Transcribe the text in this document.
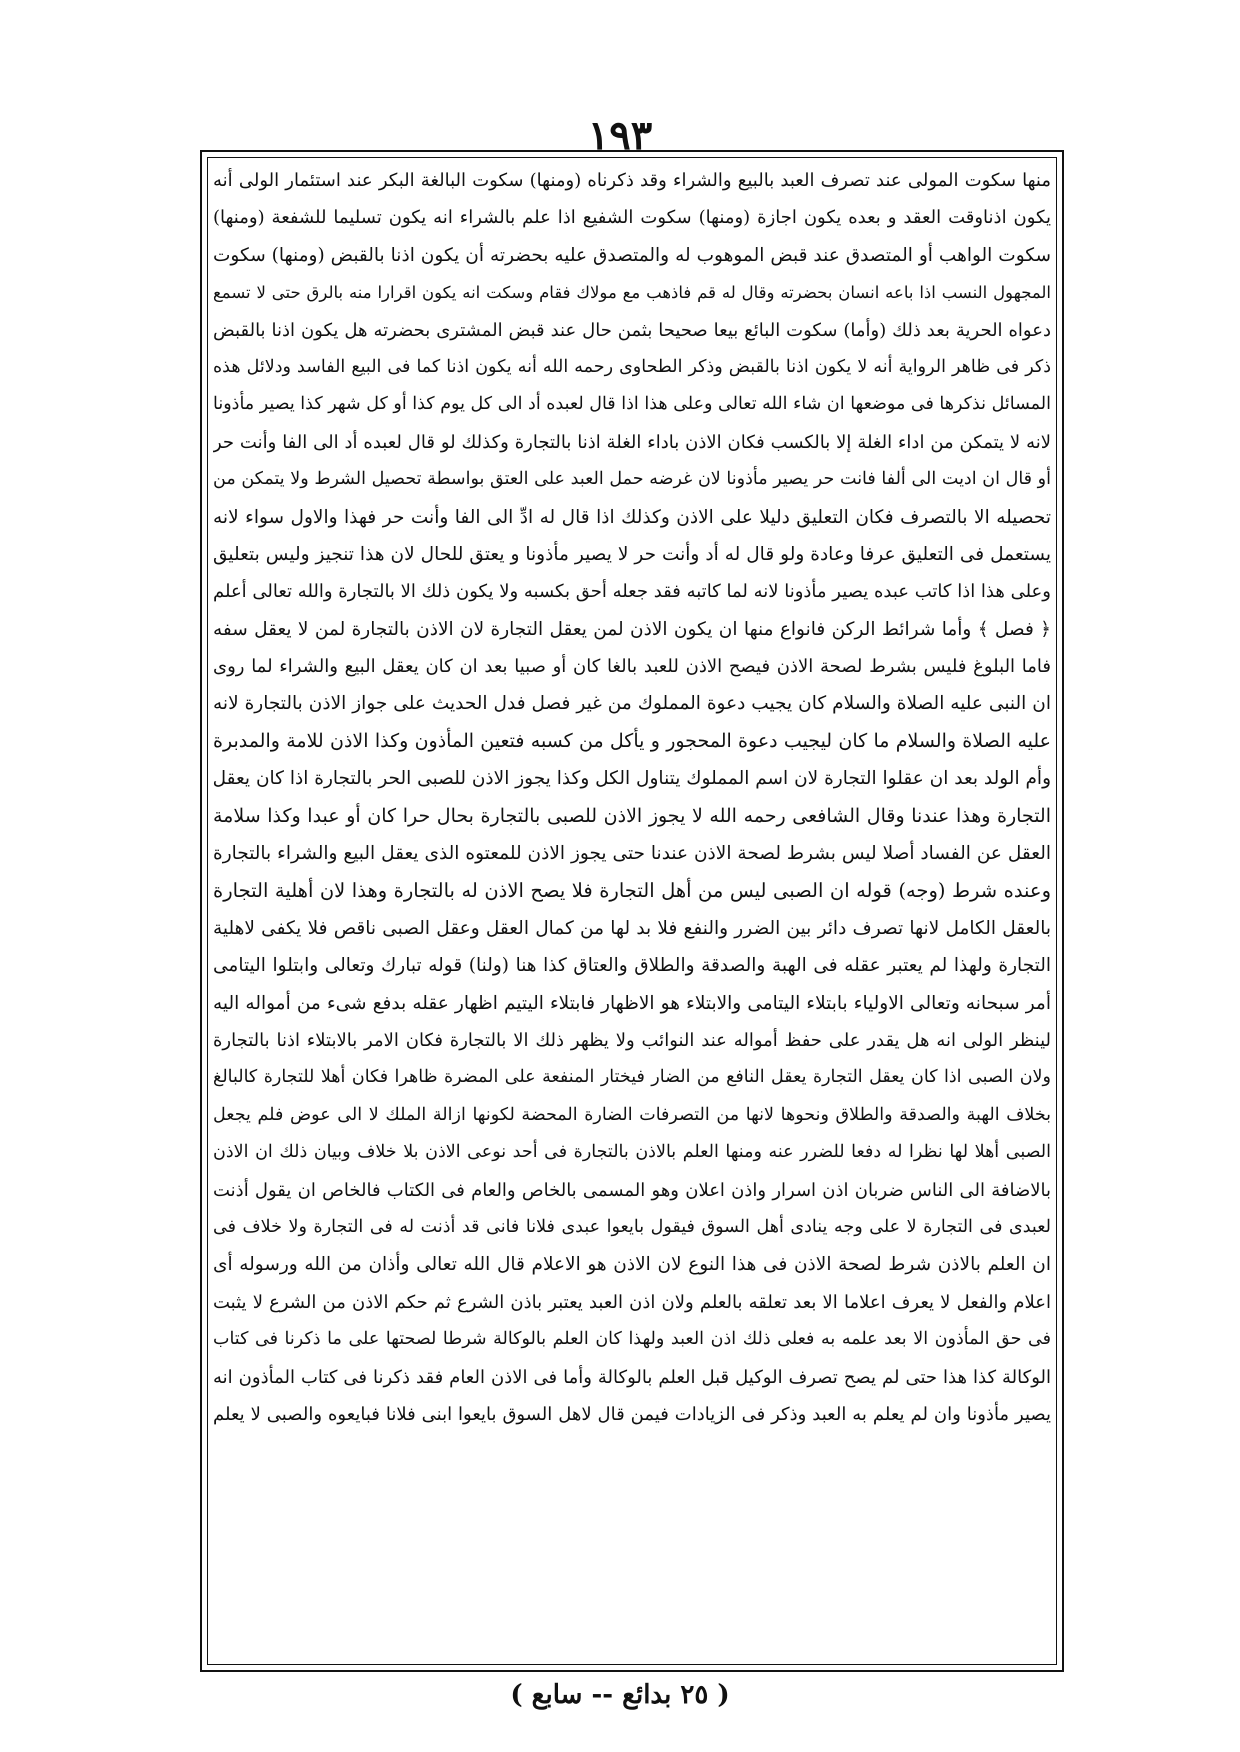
١٩٣
منها سكوت المولى عند تصرف العبد بالبيع والشراء وقد ذكرناه (ومنها) سكوت البالغة البكر عند استئمار الولى أنه
يكون اذناوقت العقد و بعده يكون اجازة (ومنها) سكوت الشفيع اذا علم بالشراء انه يكون تسليما للشفعة (ومنها)
سكوت الواهب أو المتصدق عند قبض الموهوب له والمتصدق عليه بحضرته أن يكون اذنا بالقبض (ومنها) سكوت
المجهول النسب اذا باعه انسان بحضرته وقال له قم فاذهب مع مولاك فقام وسكت انه يكون اقرارا منه بالرق حتى لا تسمع
دعواه الحرية بعد ذلك (وأما) سكوت البائع بيعا صحيحا بثمن حال عند قبض المشترى بحضرته هل يكون اذنا بالقبض
ذكر فى ظاهر الرواية أنه لا يكون اذنا بالقبض وذكر الطحاوى رحمه الله أنه يكون اذنا كما فى البيع الفاسد ودلائل هذه
المسائل نذكرها فى موضعها ان شاء الله تعالى وعلى هذا اذا قال لعبده أد الى كل يوم كذا أو كل شهر كذا يصير مأذونا
لانه لا يتمكن من اداء الغلة إلا بالكسب فكان الاذن باداء الغلة اذنا بالتجارة وكذلك لو قال لعبده أد الى الفا وأنت حر
أو قال ان اديت الى ألفا فانت حر يصير مأذونا لان غرضه حمل العبد على العتق بواسطة تحصيل الشرط ولا يتمكن من
تحصيله الا بالتصرف فكان التعليق دليلا على الاذن وكذلك اذا قال له ادِّ الى الفا وأنت حر فهذا والاول سواء لانه
يستعمل فى التعليق عرفا وعادة ولو قال له أد وأنت حر لا يصير مأذونا و يعتق للحال لان هذا تنجيز وليس بتعليق
وعلى هذا اذا كاتب عبده يصير مأذونا لانه لما كاتبه فقد جعله أحق بكسبه ولا يكون ذلك الا بالتجارة والله تعالى أعلم
﴿ فصل ﴾ وأما شرائط الركن فانواع منها ان يكون الاذن لمن يعقل التجارة لان الاذن بالتجارة لمن لا يعقل سفه
فاما البلوغ فليس بشرط لصحة الاذن فيصح الاذن للعبد بالغا كان أو صبيا بعد ان كان يعقل البيع والشراء لما روى
ان النبى عليه الصلاة والسلام كان يجيب دعوة المملوك من غير فصل فدل الحديث على جواز الاذن بالتجارة لانه
عليه الصلاة والسلام ما كان ليجيب دعوة المحجور و يأكل من كسبه فتعين المأذون وكذا الاذن للامة والمدبرة
وأم الولد بعد ان عقلوا التجارة لان اسم المملوك يتناول الكل وكذا يجوز الاذن للصبى الحر بالتجارة اذا كان يعقل
التجارة وهذا عندنا وقال الشافعى رحمه الله لا يجوز الاذن للصبى بالتجارة بحال حرا كان أو عبدا وكذا سلامة
العقل عن الفساد أصلا ليس بشرط لصحة الاذن عندنا حتى يجوز الاذن للمعتوه الذى يعقل البيع والشراء بالتجارة
وعنده شرط (وجه) قوله ان الصبى ليس من أهل التجارة فلا يصح الاذن له بالتجارة وهذا لان أهلية التجارة
بالعقل الكامل لانها تصرف دائر بين الضرر والنفع فلا بد لها من كمال العقل وعقل الصبى ناقص فلا يكفى لاهلية
التجارة ولهذا لم يعتبر عقله فى الهبة والصدقة والطلاق والعتاق كذا هنا (ولنا) قوله تبارك وتعالى وابتلوا اليتامى
أمر سبحانه وتعالى الاولياء بابتلاء اليتامى والابتلاء هو الاظهار فابتلاء اليتيم اظهار عقله بدفع شىء من أمواله اليه
لينظر الولى انه هل يقدر على حفظ أمواله عند النوائب ولا يظهر ذلك الا بالتجارة فكان الامر بالابتلاء اذنا بالتجارة
ولان الصبى اذا كان يعقل التجارة يعقل النافع من الضار فيختار المنفعة على المضرة ظاهرا فكان أهلا للتجارة كالبالغ
بخلاف الهبة والصدقة والطلاق ونحوها لانها من التصرفات الضارة المحضة لكونها ازالة الملك لا الى عوض فلم يجعل
الصبى أهلا لها نظرا له دفعا للضرر عنه ومنها العلم بالاذن بالتجارة فى أحد نوعى الاذن بلا خلاف وبيان ذلك ان الاذن
بالاضافة الى الناس ضربان اذن اسرار واذن اعلان وهو المسمى بالخاص والعام فى الكتاب فالخاص ان يقول أذنت
لعبدى فى التجارة لا على وجه ينادى أهل السوق فيقول بايعوا عبدى فلانا فانى قد أذنت له فى التجارة ولا خلاف فى
ان العلم بالاذن شرط لصحة الاذن فى هذا النوع لان الاذن هو الاعلام قال الله تعالى وأذان من الله ورسوله أى
اعلام والفعل لا يعرف اعلاما الا بعد تعلقه بالعلم ولان اذن العبد يعتبر باذن الشرع ثم حكم الاذن من الشرع لا يثبت
فى حق المأذون الا بعد علمه به فعلى ذلك اذن العبد ولهذا كان العلم بالوكالة شرطا لصحتها على ما ذكرنا فى كتاب
الوكالة كذا هذا حتى لم يصح تصرف الوكيل قبل العلم بالوكالة وأما فى الاذن العام فقد ذكرنا فى كتاب المأذون انه
يصير مأذونا وان لم يعلم به العبد وذكر فى الزيادات فيمن قال لاهل السوق بايعوا ابنى فلانا فبايعوه والصبى لا يعلم
( ٢٥ بدائع -- سابع )
